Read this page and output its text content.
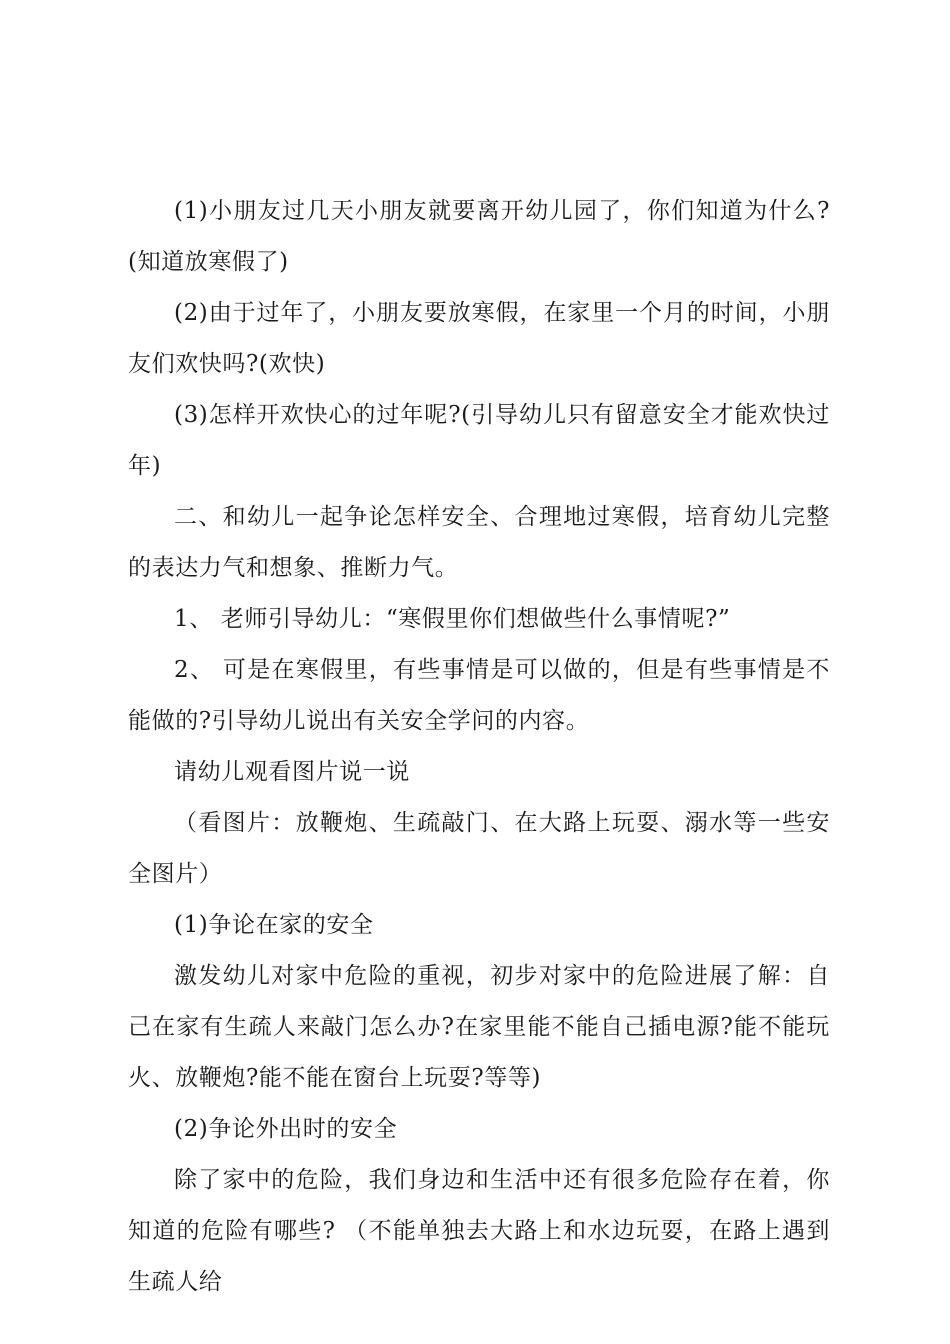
(1)小朋友过几天小朋友就要离开幼儿园了，你们知道为什么?(知道放寒假了)

(2)由于过年了，小朋友要放寒假，在家里一个月的时间，小朋友们欢快吗?(欢快)

(3)怎样开欢快心的过年呢?(引导幼儿只有留意安全才能欢快过年)

二、和幼儿一起争论怎样安全、合理地过寒假，培育幼儿完整的表达力气和想象、推断力气。

1、 老师引导幼儿：“寒假里你们想做些什么事情呢?”

2、 可是在寒假里，有些事情是可以做的，但是有些事情是不能做的?引导幼儿说出有关安全学问的内容。

请幼儿观看图片说一说

（看图片：放鞭炮、生疏敲门、在大路上玩耍、溺水等一些安全图片）

(1)争论在家的安全

激发幼儿对家中危险的重视，初步对家中的危险进展了解：自己在家有生疏人来敲门怎么办?在家里能不能自己插电源?能不能玩火、放鞭炮?能不能在窗台上玩耍?等等)

(2)争论外出时的安全

除了家中的危险，我们身边和生活中还有很多危险存在着，你知道的危险有哪些? （不能单独去大路上和水边玩耍，在路上遇到生疏人给
